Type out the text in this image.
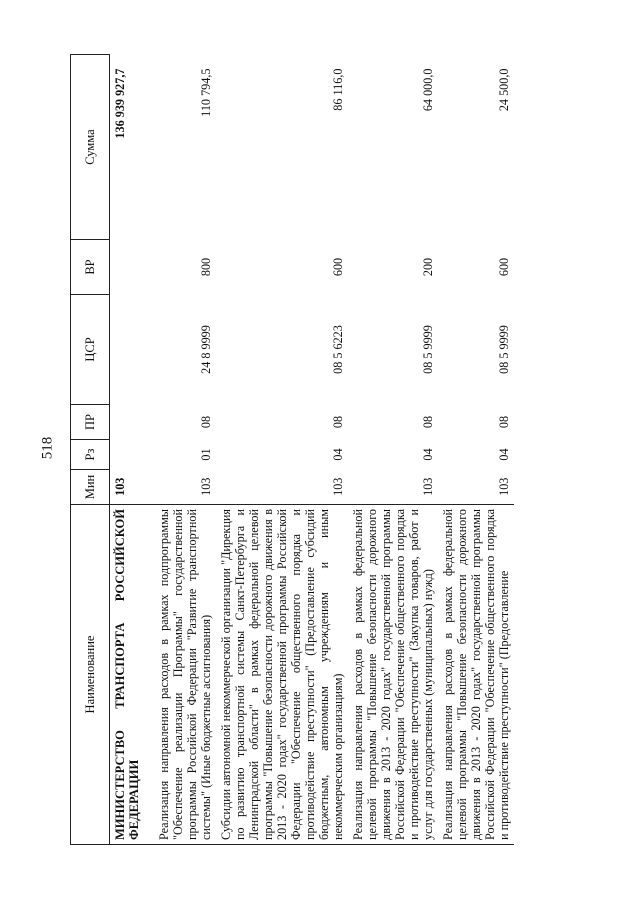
518
Наименование	Мин	Рз	ПР	ЦСР	ВР	Сумма

МИНИСТЕРСТВО
ТРАНСПОРТА
РОССИЙСКОЙ
ФЕДЕРАЦИИ	103					136 939 927,7
Реализация направления расходов в рамках подпрограммы "Обеспечение реализации Программы" государственной программы Российской Федерации "Развитие транспортной системы" (Иные бюджетные ассигнования)	103	01	08	24 8 9999	800	110 794,5
Субсидии автономной некоммерческой организации "Дирекция по развитию транспортной системы Санкт-Петербурга и Ленинградской области" в рамках федеральной целевой программы "Повышение безопасности дорожного движения в 2013 - 2020 годах" государственной программы Российской Федерации "Обеспечение общественного порядка и противодействие преступности" (Предоставление субсидий бюджетным, автономным учреждениям и иным некоммерческим организациям)	103	04	08	08 5 6223	600	86 116,0
Реализация направления расходов в рамках федеральной целевой программы "Повышение безопасности дорожного движения в 2013 - 2020 годах" государственной программы Российской Федерации "Обеспечение общественного порядка и противодействие преступности" (Закупка товаров, работ и услуг для государственных (муниципальных) нужд)	103	04	08	08 5 9999	200	64 000,0
Реализация направления расходов в рамках федеральной целевой программы "Повышение безопасности дорожного движения в 2013 - 2020 годах" государственной программы Российской Федерации "Обеспечение общественного порядка и противодействие преступности" (Предоставление	103	04	08	08 5 9999	600	24 500,0
